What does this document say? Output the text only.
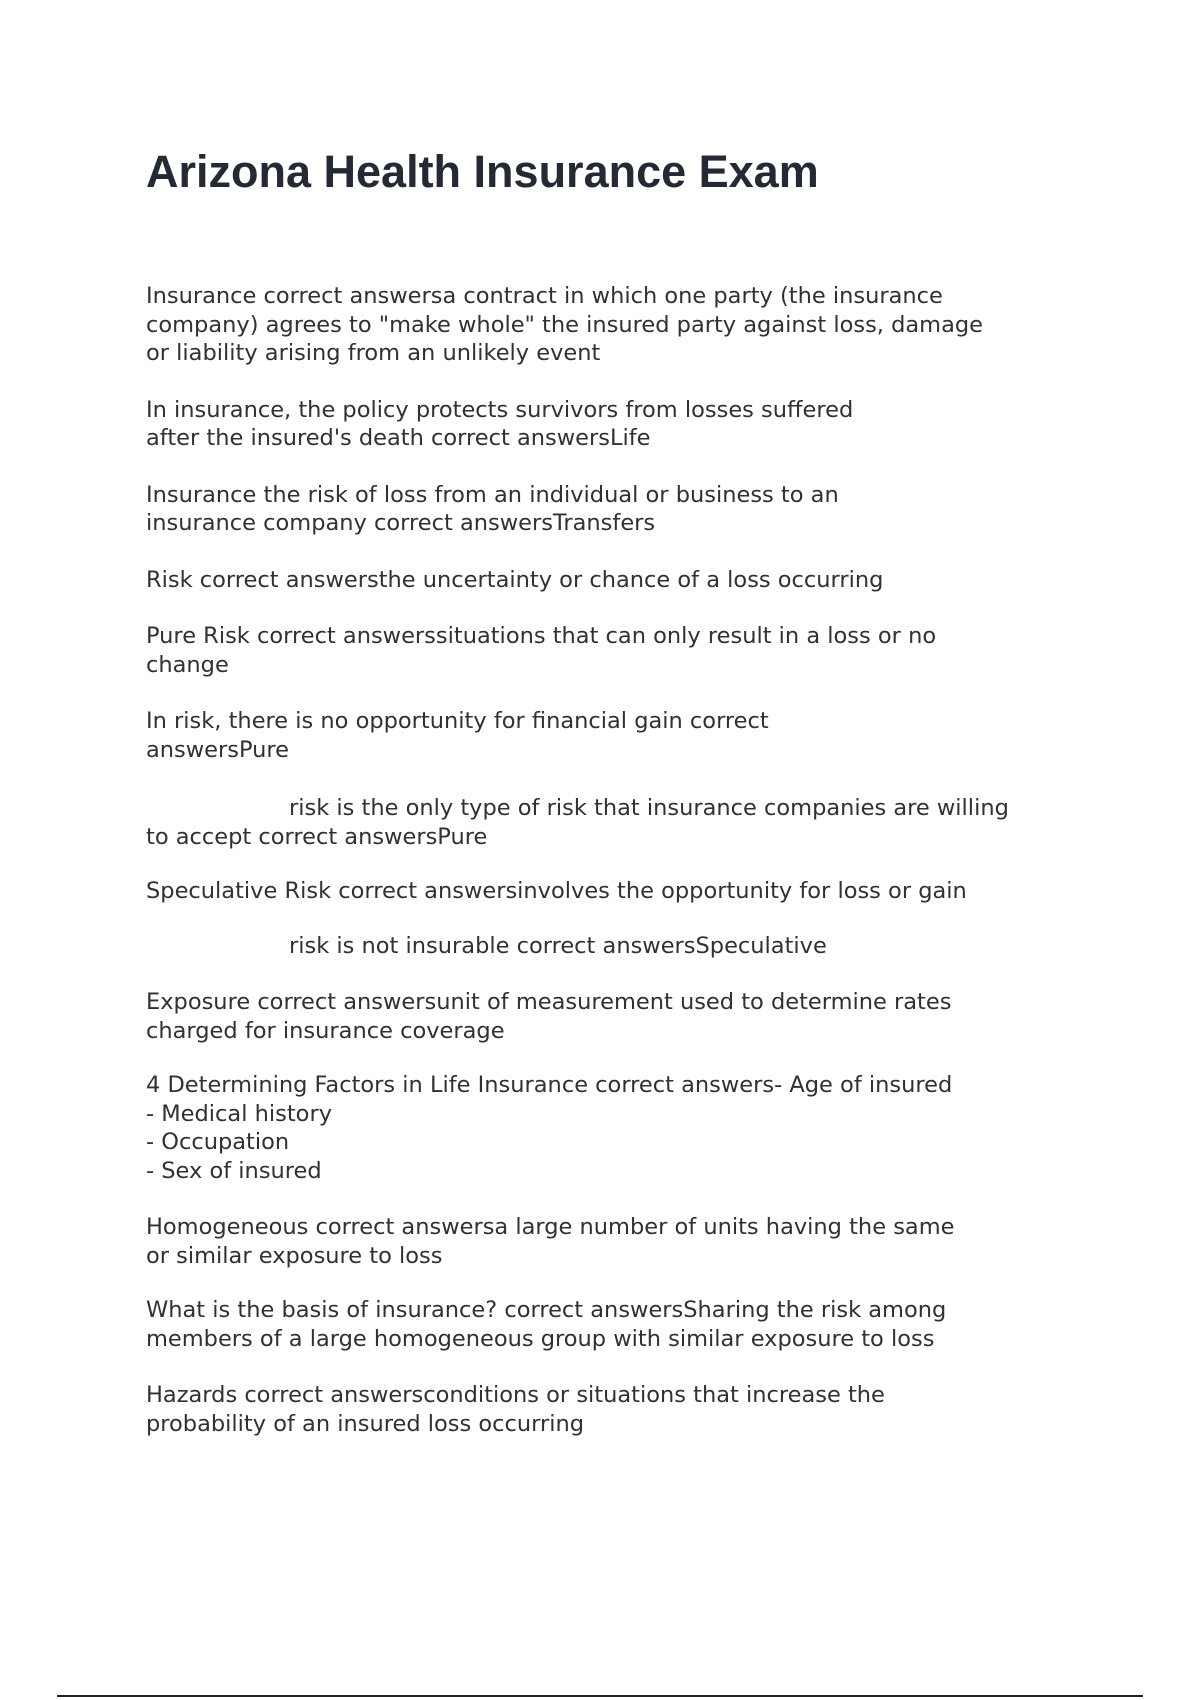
Arizona Health Insurance Exam

Insurance correct answersa contract in which one party (the insurance
company) agrees to "make whole" the insured party against loss, damage
or liability arising from an unlikely event

In insurance, the policy protects survivors from losses suffered
after the insured's death correct answersLife

Insurance the risk of loss from an individual or business to an
insurance company correct answersTransfers

Risk correct answersthe uncertainty or chance of a loss occurring

Pure Risk correct answerssituations that can only result in a loss or no
change

In risk, there is no opportunity for financial gain correct
answersPure

risk is the only type of risk that insurance companies are willing
to accept correct answersPure

Speculative Risk correct answersinvolves the opportunity for loss or gain

risk is not insurable correct answersSpeculative

Exposure correct answersunit of measurement used to determine rates
charged for insurance coverage

4 Determining Factors in Life Insurance correct answers- Age of insured
- Medical history
- Occupation
- Sex of insured

Homogeneous correct answersa large number of units having the same
or similar exposure to loss

What is the basis of insurance? correct answersSharing the risk among
members of a large homogeneous group with similar exposure to loss

Hazards correct answersconditions or situations that increase the
probability of an insured loss occurring
